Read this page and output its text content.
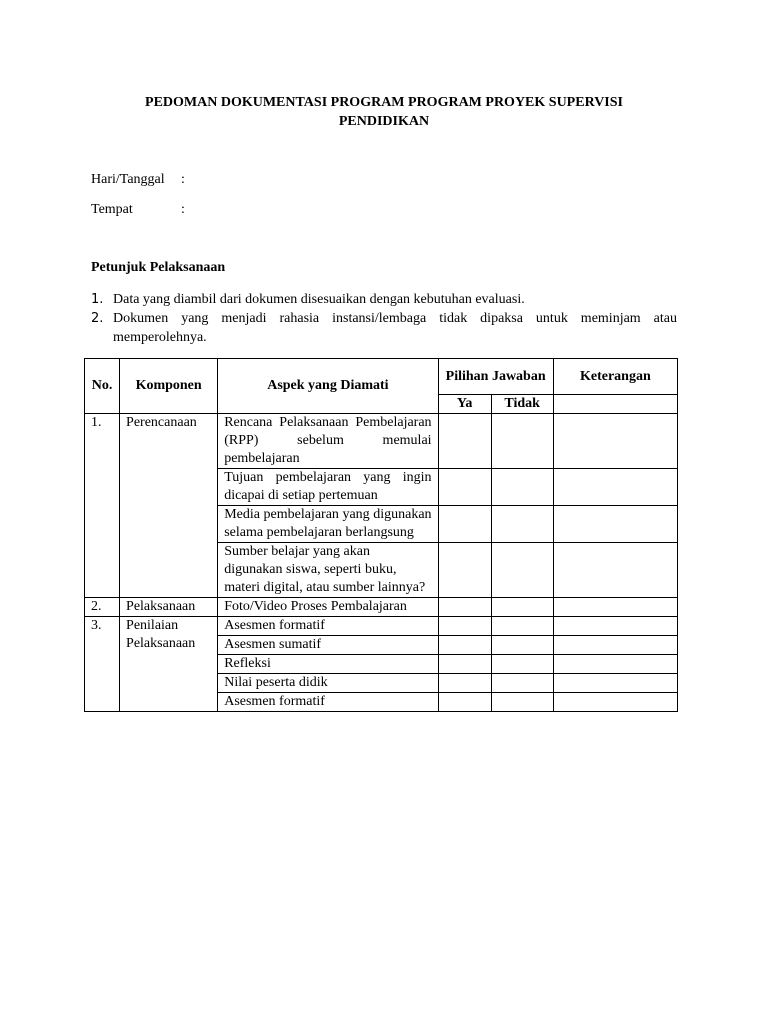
PEDOMAN DOKUMENTASI PROGRAM PROGRAM PROYEK SUPERVISI PENDIDIKAN
Hari/Tanggal :
Tempat	:
Petunjuk Pelaksanaan
1. Data yang diambil dari dokumen disesuaikan dengan kebutuhan evaluasi.
2. Dokumen yang menjadi rahasia instansi/lembaga tidak dipaksa untuk meminjam atau memperolehnya.
No.	Komponen	Aspek yang Diamati	Pilihan Jawaban		Keterangan
			Ya	Tidak	
1.	Perencanaan	Rencana Pelaksanaan Pembelajaran (RPP) sebelum memulai pembelajaran			
		Tujuan pembelajaran yang ingin dicapai di setiap pertemuan			
		Media pembelajaran yang digunakan selama pembelajaran berlangsung			
		Sumber belajar yang akan digunakan siswa, seperti buku, materi digital, atau sumber lainnya?			
2.	Pelaksanaan	Foto/Video Proses Pembalajaran			
3.	Penilaian Pelaksanaan	Asesmen formatif			
		Asesmen sumatif			
		Refleksi			
		Nilai peserta didik			
		Asesmen formatif			
